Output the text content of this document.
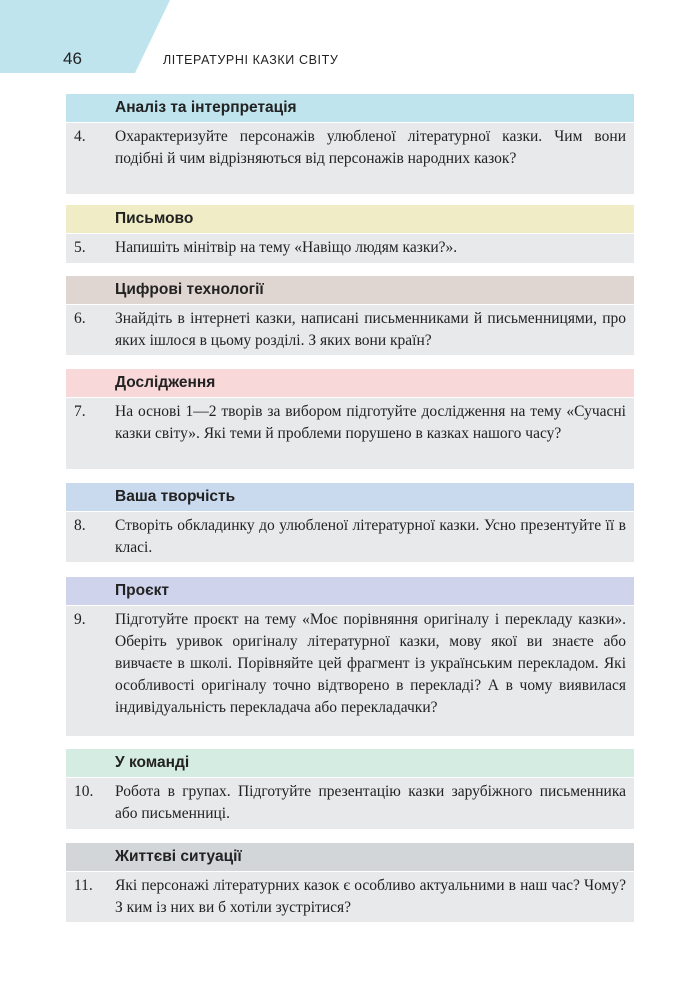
46	ЛІТЕРАТУРНІ КАЗКИ СВІТУ
Аналіз та інтерпретація
4. Охарактеризуйте персонажів улюбленої літературної казки. Чим вони подібні й чим відрізняються від персонажів народних казок?
Письмово
5. Напишіть мінітвір на тему «Навіщо людям казки?».
Цифрові технології
6. Знайдіть в інтернеті казки, написані письменниками й письменницями, про яких ішлося в цьому розділі. З яких вони країн?
Дослідження
7. На основі 1—2 творів за вибором підготуйте дослідження на тему «Сучасні казки світу». Які теми й проблеми порушено в казках нашого часу?
Ваша творчість
8. Створіть обкладинку до улюбленої літературної казки. Усно презентуйте її в класі.
Проєкт
9. Підготуйте проєкт на тему «Моє порівняння оригіналу і перекладу казки». Оберіть уривок оригіналу літературної казки, мову якої ви знаєте або вивчаєте в школі. Порівняйте цей фрагмент із українським перекладом. Які особливості оригіналу точно відтворено в перекладі? А в чому виявилася індивідуальність перекладача або перекладачки?
У команді
10. Робота в групах. Підготуйте презентацію казки зарубіжного письменника або письменниці.
Життєві ситуації
11. Які персонажі літературних казок є особливо актуальними в наш час? Чому? З ким із них ви б хотіли зустрітися?
